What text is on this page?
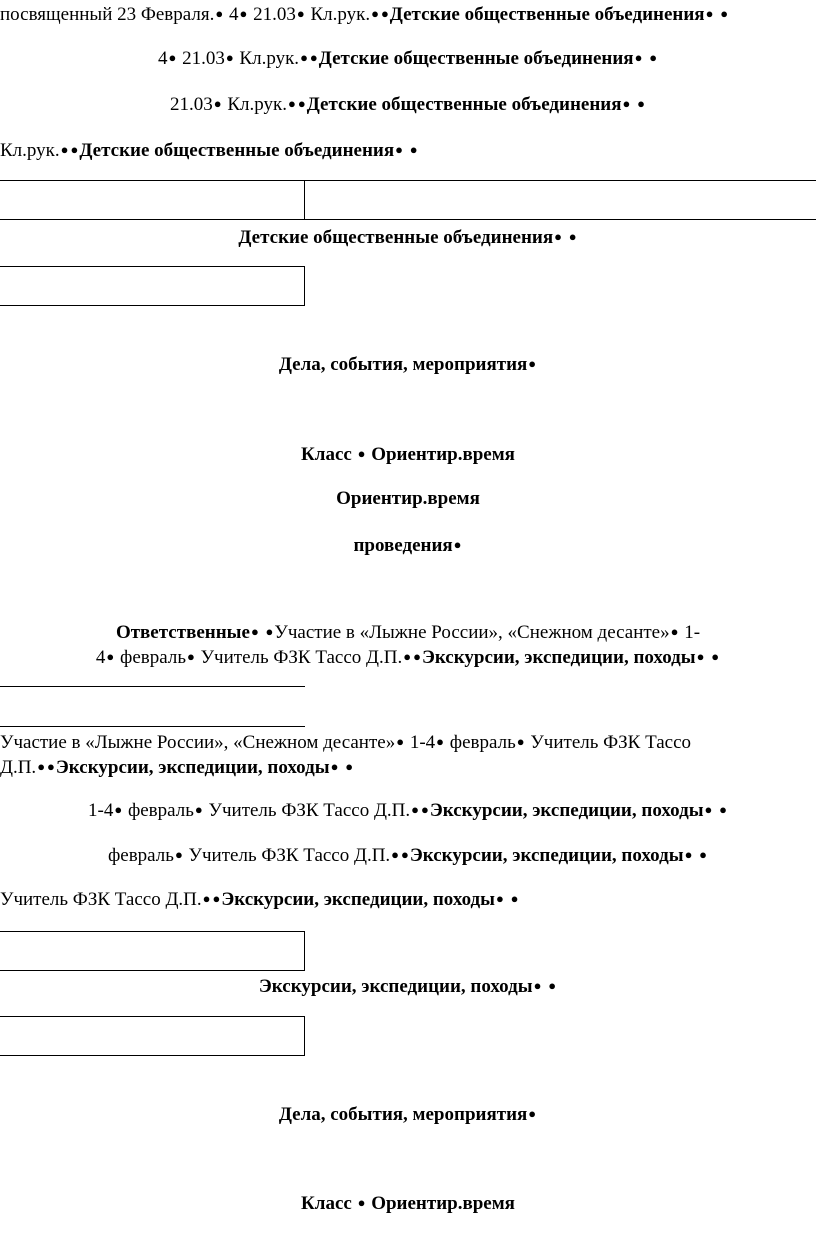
посвященный 23 Февраля.● 4● 21.03● Кл.рук.● ●Детские общественные объединения● ●
4● 21.03● Кл.рук.● ●Детские общественные объединения● ●
21.03● Кл.рук.● ●Детские общественные объединения● ●
Кл.рук.● ●Детские общественные объединения● ●
Детские общественные объединения● ●
Дела, события, мероприятия●
Класс ● Ориентир.время
Ориентир.время
проведения●
Ответственные● ●Участие в «Лыжне России», «Снежном десанте»● 1-
4● февраль● Учитель ФЗК Тассо Д.П.● ●Экскурсии, экспедиции, походы● ●
Участие в «Лыжне России», «Снежном десанте»● 1-4● февраль● Учитель ФЗК Тассо
Д.П.● ●Экскурсии, экспедиции, походы● ●
1-4● февраль● Учитель ФЗК Тассо Д.П.● ●Экскурсии, экспедиции, походы● ●
февраль● Учитель ФЗК Тассо Д.П.● ●Экскурсии, экспедиции, походы● ●
Учитель ФЗК Тассо Д.П.● ●Экскурсии, экспедиции, походы● ●
Экскурсии, экспедиции, походы● ●
Дела, события, мероприятия●
Класс ● Ориентир.время
